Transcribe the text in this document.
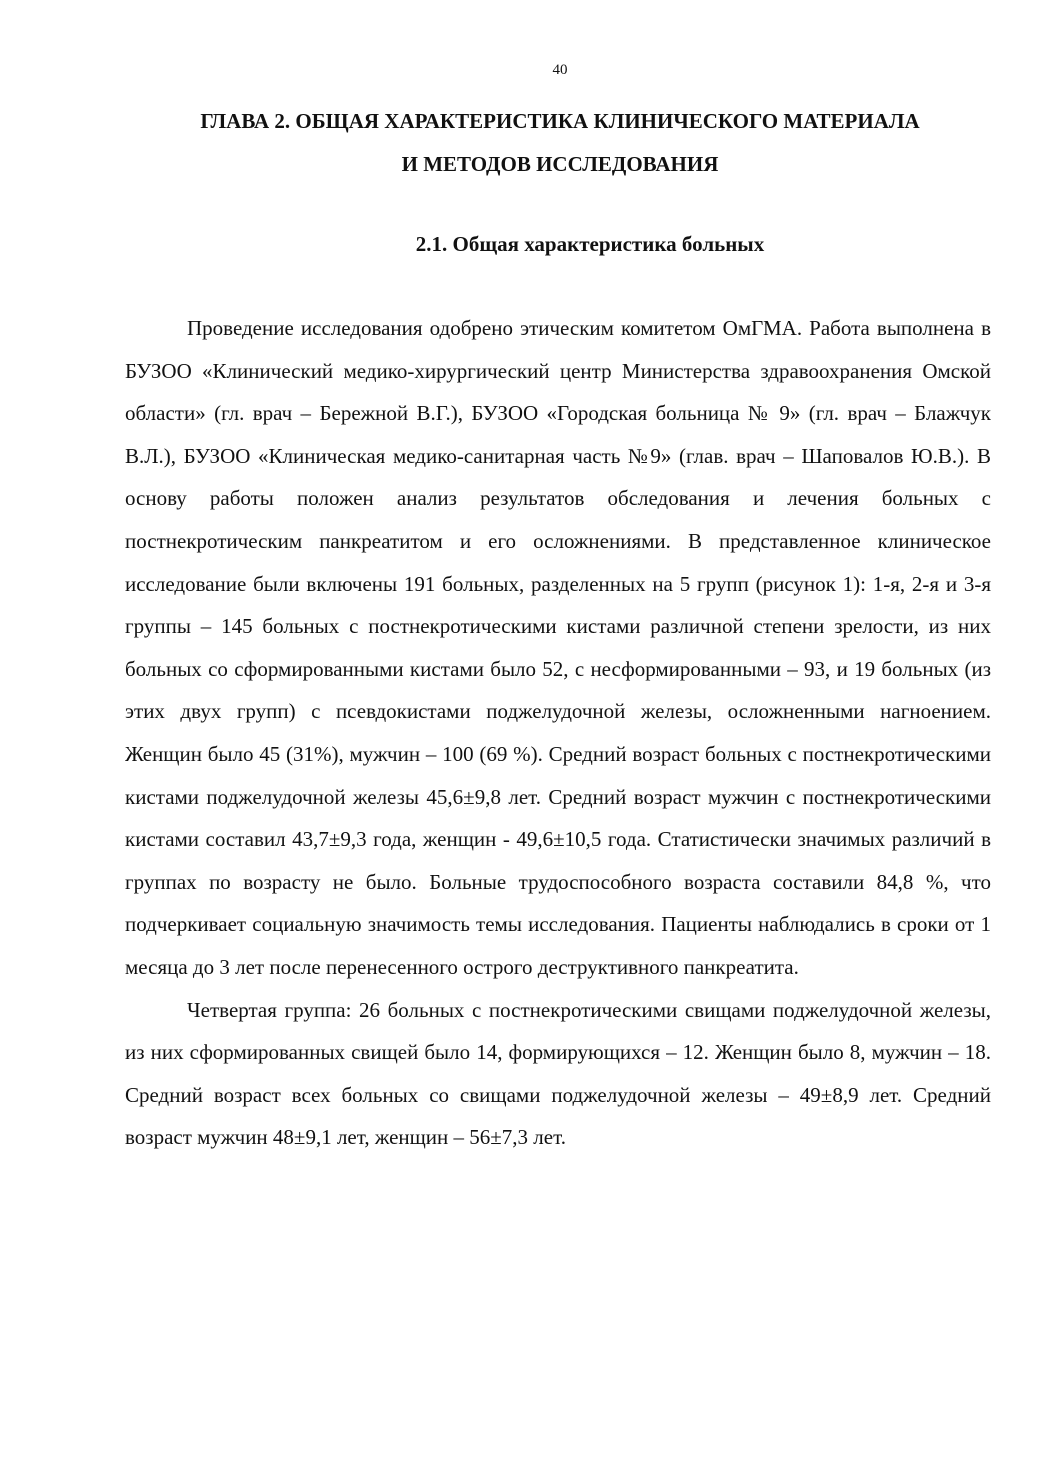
40
ГЛАВА 2. ОБЩАЯ ХАРАКТЕРИСТИКА КЛИНИЧЕСКОГО МАТЕРИАЛА
И МЕТОДОВ ИССЛЕДОВАНИЯ
2.1. Общая характеристика больных

Проведение исследования одобрено этическим комитетом ОмГМА. Работа выполнена в БУЗОО «Клинический медико-хирургический центр Министерства здравоохранения Омской области» (гл. врач – Бережной В.Г.), БУЗОО «Городская больница № 9» (гл. врач – Блажчук В.Л.), БУЗОО «Клиническая медико-санитарная часть №9» (глав. врач – Шаповалов Ю.В.). В основу работы положен анализ результатов обследования и лечения больных с постнекротическим панкреатитом и его осложнениями. В представленное клиническое исследование были включены 191 больных, разделенных на 5 групп (рисунок 1): 1-я, 2-я и 3-я группы – 145 больных с постнекротическими кистами различной степени зрелости, из них больных со сформированными кистами было 52, с несформированными – 93, и 19 больных (из этих двух групп) с псевдокистами поджелудочной железы, осложненными нагноением. Женщин было 45 (31%), мужчин – 100 (69 %). Средний возраст больных с постнекротическими кистами поджелудочной железы 45,6±9,8 лет. Средний возраст мужчин с постнекротическими кистами составил 43,7±9,3 года, женщин - 49,6±10,5 года. Статистически значимых различий в группах по возрасту не было. Больные трудоспособного возраста составили 84,8 %, что подчеркивает социальную значимость темы исследования. Пациенты наблюдались в сроки от 1 месяца до 3 лет после перенесенного острого деструктивного панкреатита.

Четвертая группа: 26 больных с постнекротическими свищами поджелудочной железы, из них сформированных свищей было 14, формирующихся – 12. Женщин было 8, мужчин – 18. Средний возраст всех больных со свищами поджелудочной железы – 49±8,9 лет. Средний возраст мужчин 48±9,1 лет, женщин – 56±7,3 лет.
